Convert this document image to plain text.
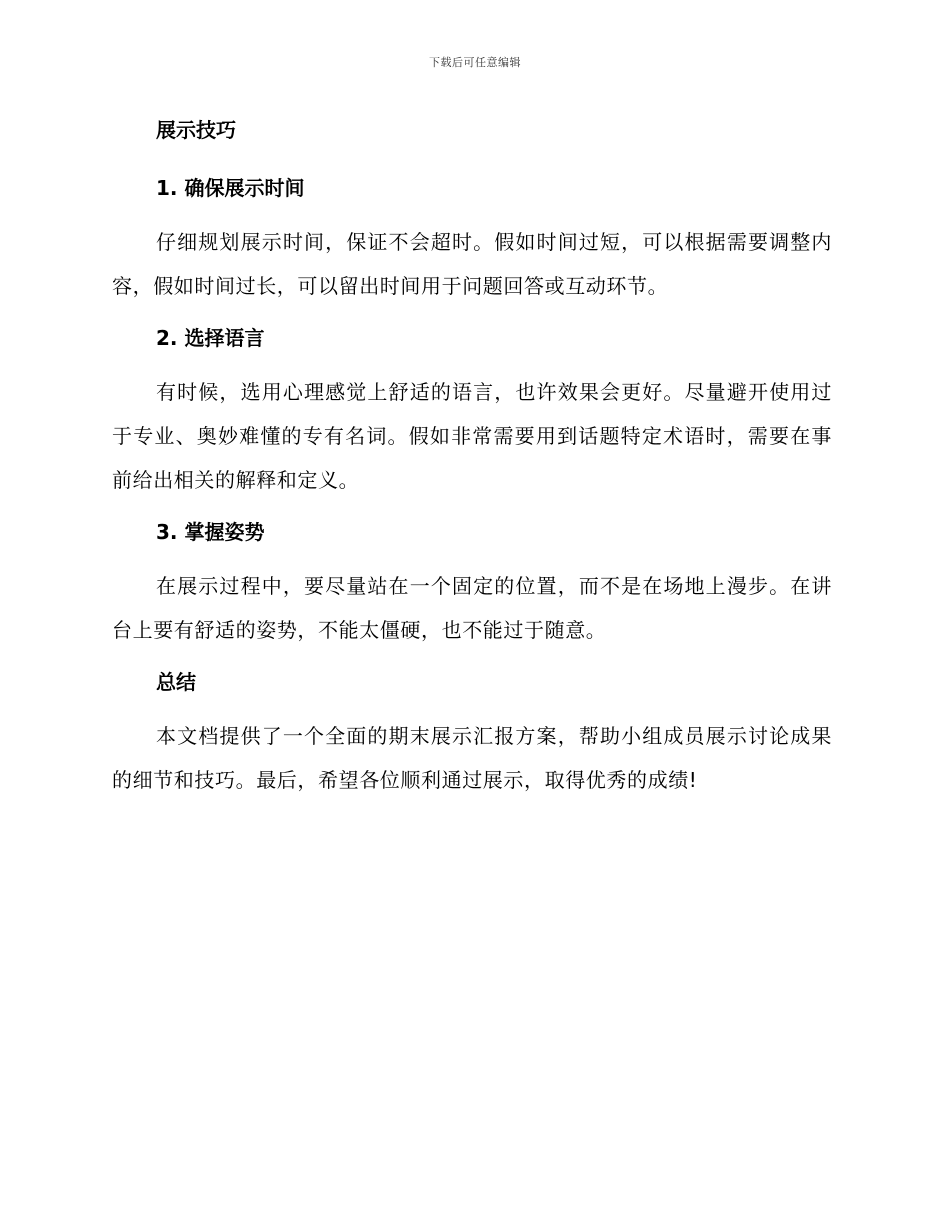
下载后可任意编辑
展示技巧
1. 确保展示时间

仔细规划展示时间，保证不会超时。假如时间过短，可以根据需要调整内容，假如时间过长，可以留出时间用于问题回答或互动环节。

2. 选择语言

有时候，选用心理感觉上舒适的语言，也许效果会更好。尽量避开使用过于专业、奥妙难懂的专有名词。假如非常需要用到话题特定术语时，需要在事前给出相关的解释和定义。

3. 掌握姿势

在展示过程中，要尽量站在一个固定的位置，而不是在场地上漫步。在讲台上要有舒适的姿势，不能太僵硬，也不能过于随意。

总结

本文档提供了一个全面的期末展示汇报方案，帮助小组成员展示讨论成果的细节和技巧。最后，希望各位顺利通过展示，取得优秀的成绩!
